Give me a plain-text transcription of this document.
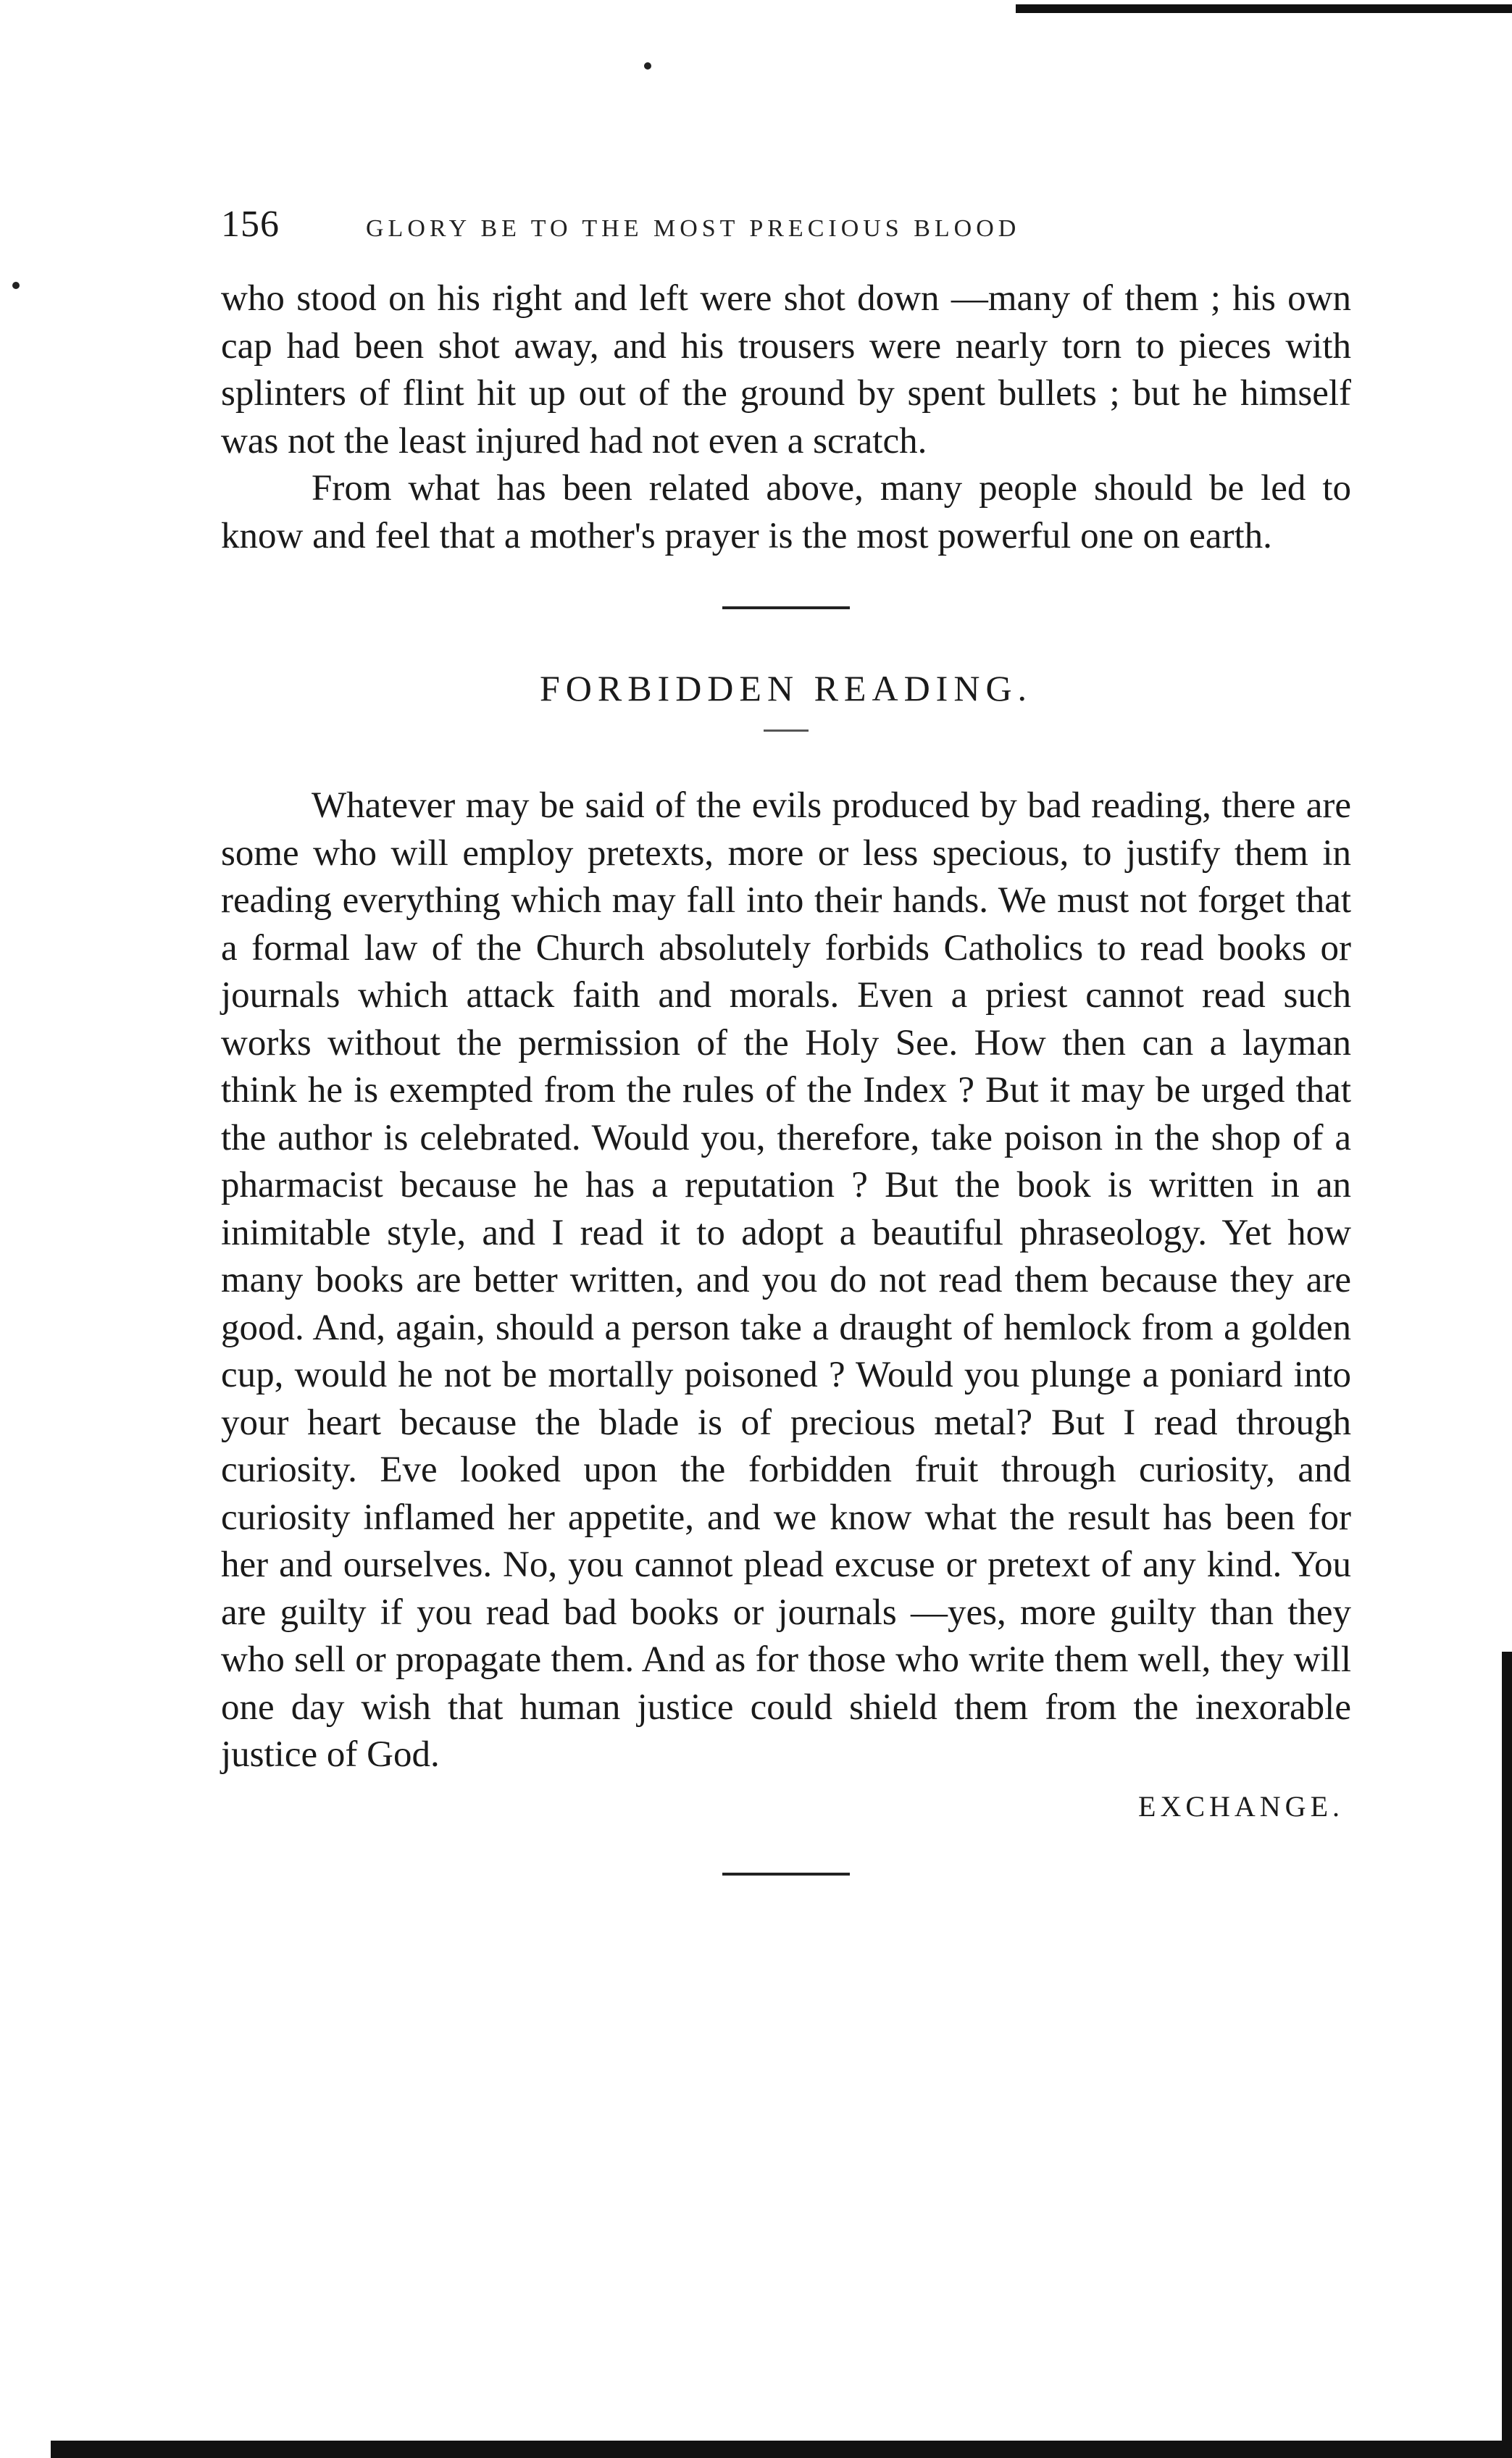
156	GLORY BE TO THE MOST PRECIOUS BLOOD

who stood on his right and left were shot down —many of them ; his own cap had been shot away, and his trousers were nearly torn to pieces with splinters of flint hit up out of the ground by spent bullets ; but he himself was not the least injured had not even a scratch.

From what has been related above, many people should be led to know and feel that a mother's prayer is the most powerful one on earth.

FORBIDDEN READING.

Whatever may be said of the evils produced by bad reading, there are some who will employ pretexts, more or less specious, to justify them in reading everything which may fall into their hands. We must not forget that a formal law of the Church absolutely forbids Catholics to read books or journals which attack faith and morals. Even a priest cannot read such works without the permission of the Holy See. How then can a layman think he is exempted from the rules of the Index ? But it may be urged that the author is celebrated. Would you, therefore, take poison in the shop of a pharmacist because he has a reputation ? But the book is written in an inimitable style, and I read it to adopt a beautiful phraseology. Yet how many books are better written, and you do not read them because they are good. And, again, should a person take a draught of hemlock from a golden cup, would he not be mortally poisoned ? Would you plunge a poniard into your heart because the blade is of precious metal? But I read through curiosity. Eve looked upon the forbidden fruit through curiosity, and curiosity inflamed her appetite, and we know what the result has been for her and ourselves. No, you cannot plead excuse or pretext of any kind. You are guilty if you read bad books or journals —yes, more guilty than they who sell or propagate them. And as for those who write them well, they will one day wish that human justice could shield them from the inexorable justice of God.

EXCHANGE.
